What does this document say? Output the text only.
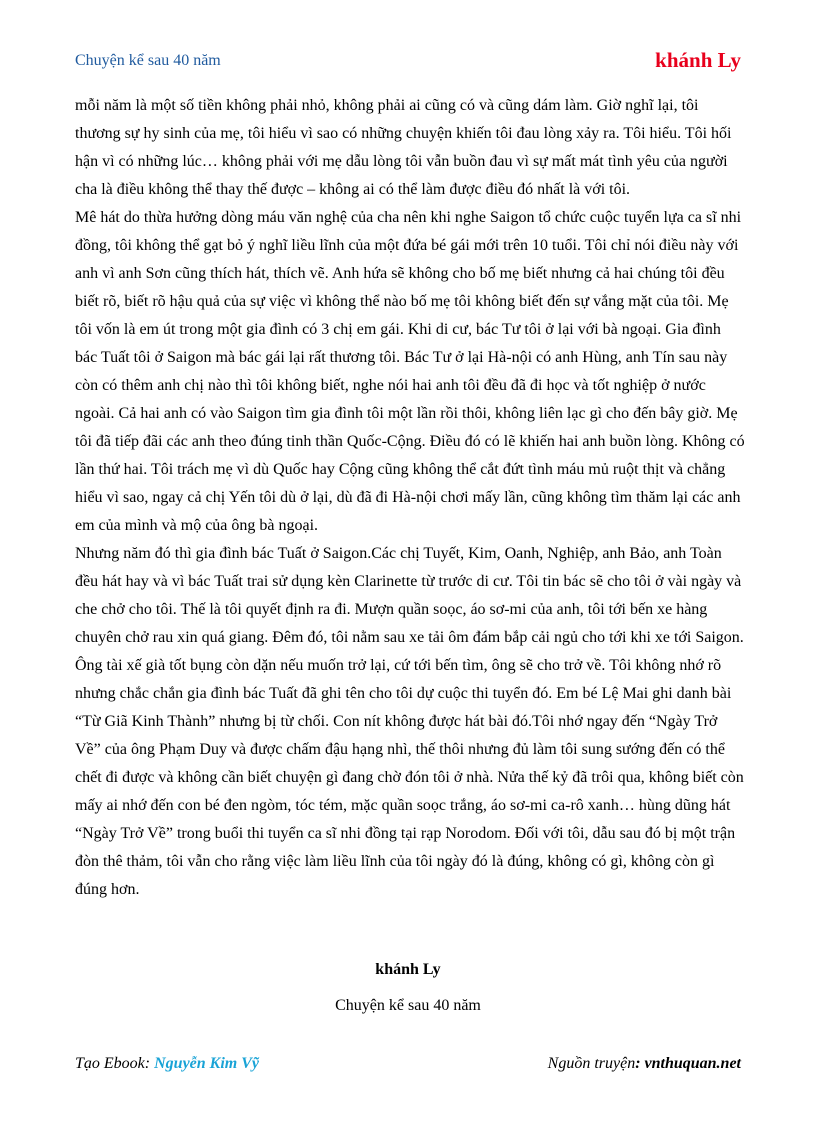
Chuyện kể sau 40 năm	khánh Ly

mỗi năm là một số tiền không phải nhỏ, không phải ai cũng có và cũng dám làm. Giờ nghĩ lại, tôi thương sự hy sinh của mẹ, tôi hiểu vì sao có những chuyện khiến tôi đau lòng xảy ra. Tôi hiểu. Tôi hối hận vì có những lúc… không phải với mẹ dẫu lòng tôi vẫn buồn đau vì sự mất mát tình yêu của người cha là điều không thể thay thế được – không ai có thể làm được điều đó nhất là với tôi.

Mê hát do thừa hưởng dòng máu văn nghệ của cha nên khi nghe Saigon tổ chức cuộc tuyển lựa ca sĩ nhi đồng, tôi không thể gạt bỏ ý nghĩ liều lĩnh của một đứa bé gái mới trên 10 tuổi. Tôi chỉ nói điều này với anh vì anh Sơn cũng thích hát, thích vẽ. Anh hứa sẽ không cho bố mẹ biết nhưng cả hai chúng tôi đều biết rõ, biết rõ hậu quả của sự việc vì không thể nào bố mẹ tôi không biết đến sự vắng mặt của tôi. Mẹ tôi vốn là em út trong một gia đình có 3 chị em gái. Khi di cư, bác Tư tôi ở lại với bà ngoại. Gia đình bác Tuất tôi ở Saigon mà bác gái lại rất thương tôi. Bác Tư ở lại Hà-nội có anh Hùng, anh Tín sau này còn có thêm anh chị nào thì tôi không biết, nghe nói hai anh tôi đều đã đi học và tốt nghiệp ở nước ngoài. Cả hai anh có vào Saigon tìm gia đình tôi một lần rồi thôi, không liên lạc gì cho đến bây giờ. Mẹ tôi đã tiếp đãi các anh theo đúng tinh thần Quốc-Cộng. Điều đó có lẽ khiến hai anh buồn lòng. Không có lần thứ hai. Tôi trách mẹ vì dù Quốc hay Cộng cũng không thể cắt đứt tình máu mủ ruột thịt và chẳng hiểu vì sao, ngay cả chị Yến tôi dù ở lại, dù đã đi Hà-nội chơi mấy lần, cũng không tìm thăm lại các anh em của mình và mộ của ông bà ngoại.

Nhưng năm đó thì gia đình bác Tuất ở Saigon.Các chị Tuyết, Kim, Oanh, Nghiệp, anh Bảo, anh Toàn đều hát hay và vì bác Tuất trai sử dụng kèn Clarinette từ trước di cư. Tôi tin bác sẽ cho tôi ở vài ngày và che chở cho tôi. Thế là tôi quyết định ra đi. Mượn quần soọc, áo sơ-mi của anh, tôi tới bến xe hàng chuyên chở rau xin quá giang. Đêm đó, tôi nằm sau xe tải ôm đám bắp cải ngủ cho tới khi xe tới Saigon. Ông tài xế già tốt bụng còn dặn nếu muốn trở lại, cứ tới bến tìm, ông sẽ cho trở về. Tôi không nhớ rõ nhưng chắc chắn gia đình bác Tuất đã ghi tên cho tôi dự cuộc thi tuyển đó. Em bé Lệ Mai ghi danh bài “Từ Giã Kinh Thành” nhưng bị từ chối. Con nít không được hát bài đó.Tôi nhớ ngay đến “Ngày Trở Về” của ông Phạm Duy và được chấm đậu hạng nhì, thế thôi nhưng đủ làm tôi sung sướng đến có thể chết đi được và không cần biết chuyện gì đang chờ đón tôi ở nhà. Nửa thế kỷ đã trôi qua, không biết còn mấy ai nhớ đến con bé đen ngòm, tóc tém, mặc quần soọc trắng, áo sơ-mi ca-rô xanh… hùng dũng hát “Ngày Trở Về” trong buổi thi tuyển ca sĩ nhi đồng tại rạp Norodom. Đối với tôi, dẫu sau đó bị một trận đòn thê thảm, tôi vẫn cho rằng việc làm liều lĩnh của tôi ngày đó là đúng, không có gì, không còn gì đúng hơn.

khánh Ly
Chuyện kể sau 40 năm
Tạo Ebook: Nguyễn Kim Vỹ	Nguồn truyện: vnthuquan.net
